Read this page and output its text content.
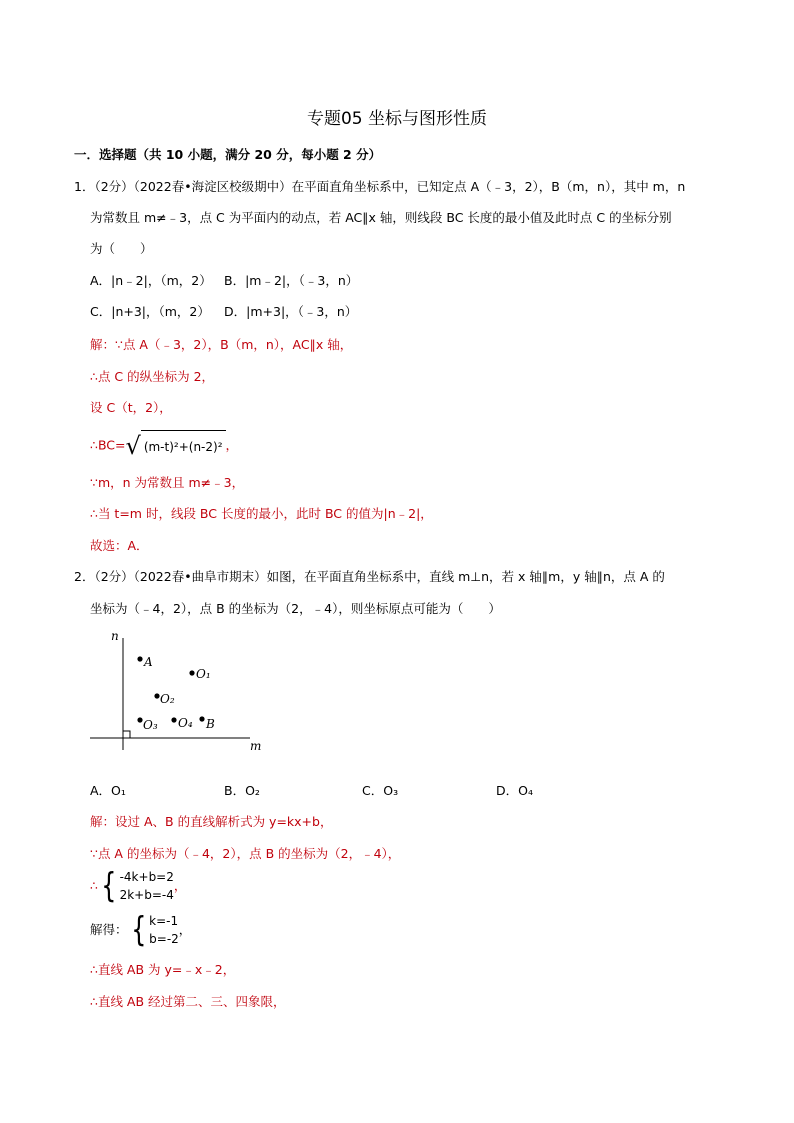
专题05 坐标与图形性质
一．选择题（共 10 小题，满分 20 分，每小题 2 分）
1．（2分）（2022春•海淀区校级期中）在平面直角坐标系中，已知定点 A（﹣3，2），B（m，n），其中 m，n
为常数且 m≠﹣3，点 C 为平面内的动点，若 AC∥x 轴，则线段 BC 长度的最小值及此时点 C 的坐标分别
为（　　）
A．|n﹣2|，（m，2） B．|m﹣2|，（﹣3，n）
C．|n+3|，（m，2） D．|m+3|，（﹣3，n）
解：∵点 A（﹣3，2），B（m，n），AC∥x 轴，
∴点 C 的纵坐标为 2，
设 C（t，2），
∴BC=√ (m-t)²+(n-2)² ，
∵m，n 为常数且 m≠﹣3，
∴当 t=m 时，线段 BC 长度的最小，此时 BC 的值为|n﹣2|，
故选：A．
2．（2分）（2022春•曲阜市期末）如图，在平面直角坐标系中，直线 m⊥n，若 x 轴∥m，y 轴∥n，点 A 的
坐标为（﹣4，2），点 B 的坐标为（2，﹣4），则坐标原点可能为（　　）
n
m
A
O₁
O₂
O₃ O₄ B
A．O₁	B．O₂	C．O₃	D．O₄
解：设过 A、B 的直线解析式为 y=kx+b，
∵点 A 的坐标为（﹣4，2），点 B 的坐标为（2，﹣4），
∴{ -4k+b=2
2k+b=-4
，
解得：{ k=-1
b=-2
，
∴直线 AB 为 y=﹣x﹣2，
∴直线 AB 经过第二、三、四象限，
